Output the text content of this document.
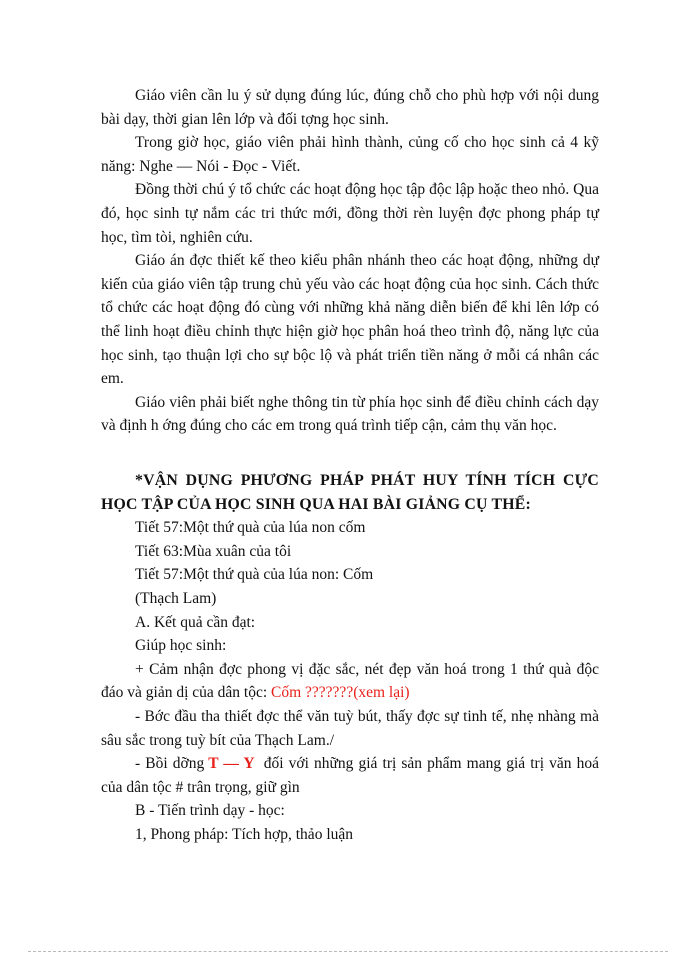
Giáo viên cần lu ý sử dụng đúng lúc, đúng chỗ cho phù hợp với nội dung bài dạy, thời gian lên lớp và đối tợng học sinh.

Trong giờ học, giáo viên phải hình thành, củng cố cho học sinh cả 4 kỹ năng: Nghe — Nói - Đọc - Viết.

Đồng thời chú ý tổ chức các hoạt động học tập độc lập hoặc theo nhỏ. Qua đó, học sinh tự nắm các tri thức mới, đồng thời rèn luyện đợc phong pháp tự học, tìm tòi, nghiên cứu.

Giáo án đợc thiết kế theo kiểu phân nhánh theo các hoạt động, những dự kiến của giáo viên tập trung chủ yếu vào các hoạt động của học sinh. Cách thức tổ chức các hoạt động đó cùng với những khả năng diễn biến để khi lên lớp có thể linh hoạt điều chỉnh thực hiện giờ học phân hoá theo trình độ, năng lực của học sinh, tạo thuận lợi cho sự bộc lộ và phát triển tiền năng ở mỗi cá nhân các em.

Giáo viên phải biết nghe thông tin từ phía học sinh để điều chỉnh cách dạy và định h ớng đúng cho các em trong quá trình tiếp cận, cảm thụ văn học.

*VẬN DỤNG PHƯƠNG PHÁP PHÁT HUY TÍNH TÍCH CỰC HỌC TẬP CỦA HỌC SINH QUA HAI BÀI GIẢNG CỤ THỂ:

Tiết 57:Một thứ quà của lúa non cốm

Tiết 63:Mùa xuân của tôi

Tiết 57:Một thứ quà của lúa non: Cốm

(Thạch Lam)

A. Kết quả cần đạt:

Giúp học sinh:

+ Cảm nhận đợc phong vị đặc sắc, nét đẹp văn hoá trong 1 thứ quà độc đáo và giản dị của dân tộc: Cốm ???????(xem lại)

- Bớc đầu tha thiết đợc thể văn tuỳ bút, thấy đợc sự tinh tế, nhẹ nhàng mà sâu sắc trong tuỳ bít của Thạch Lam./

- Bồi dỡng T — Y đối với những giá trị sản phẩm mang giá trị văn hoá của dân tộc # trân trọng, giữ gìn

B - Tiến trình dạy - học:

1, Phong pháp: Tích hợp, thảo luận
